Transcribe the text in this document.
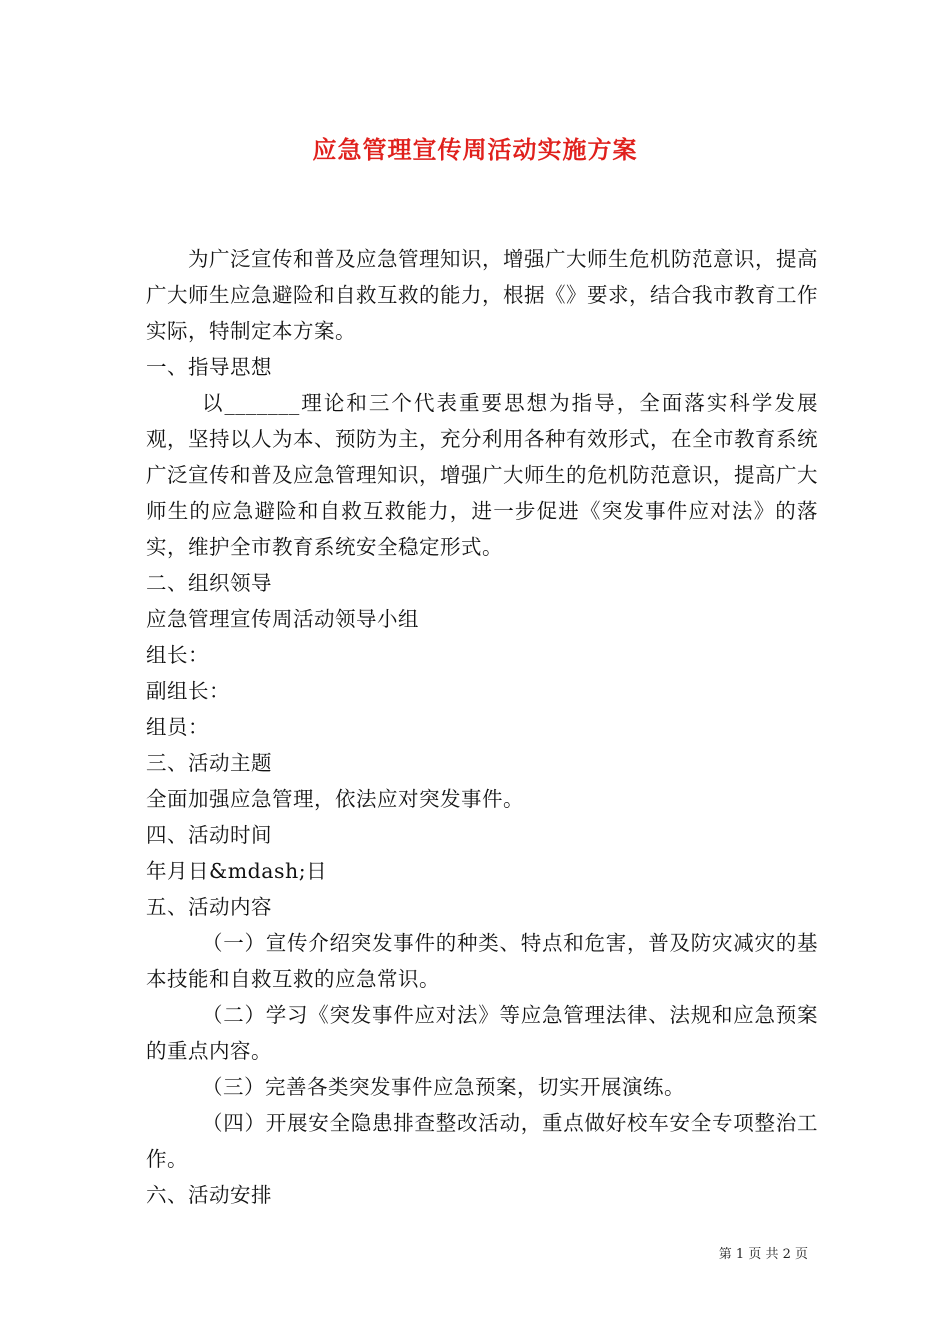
应急管理宣传周活动实施方案

为广泛宣传和普及应急管理知识，增强广大师生危机防范意识，提高广大师生应急避险和自救互救的能力，根据《》要求，结合我市教育工作实际，特制定本方案。

一、指导思想

以_______理论和三个代表重要思想为指导，全面落实科学发展观，坚持以人为本、预防为主，充分利用各种有效形式，在全市教育系统广泛宣传和普及应急管理知识，增强广大师生的危机防范意识，提高广大师生的应急避险和自救互救能力，进一步促进《突发事件应对法》的落实，维护全市教育系统安全稳定形式。

二、组织领导

应急管理宣传周活动领导小组

组长：

副组长：

组员：

三、活动主题

全面加强应急管理，依法应对突发事件。

四、活动时间

年月日&mdash;日

五、活动内容

（一）宣传介绍突发事件的种类、特点和危害，普及防灾减灾的基本技能和自救互救的应急常识。

（二）学习《突发事件应对法》等应急管理法律、法规和应急预案的重点内容。

（三）完善各类突发事件应急预案，切实开展演练。

（四）开展安全隐患排查整改活动，重点做好校车安全专项整治工作。

六、活动安排

第 1 页 共 2 页
